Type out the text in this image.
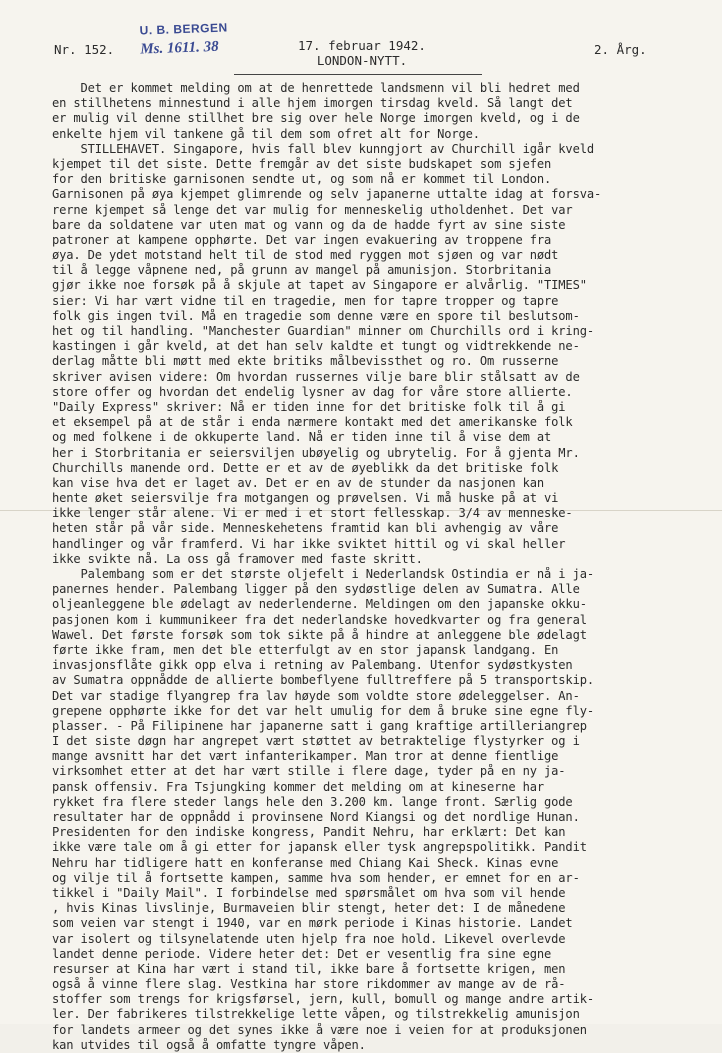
U. B. BERGEN
Ms. 1611. 38
Nr. 152.	17. februar 1942.
LONDON-NYTT.
2. Årg.
Det er kommet melding om at de henrettede landsmenn vil bli hedret med
en stillhetens minnestund i alle hjem imorgen tirsdag kveld. Så langt det
er mulig vil denne stillhet bre sig over hele Norge imorgen kveld, og i de
enkelte hjem vil tankene gå til dem som ofret alt for Norge.
STILLEHAVET. Singapore, hvis fall blev kunngjort av Churchill igår kveld
kjempet til det siste. Dette fremgår av det siste budskapet som sjefen
for den britiske garnisonen sendte ut, og som nå er kommet til London.
Garnisonen på øya kjempet glimrende og selv japanerne uttalte idag at forsva-
rerne kjempet så lenge det var mulig for menneskelig utholdenhet. Det var
bare da soldatene var uten mat og vann og da de hadde fyrt av sine siste
patroner at kampene opphørte. Det var ingen evakuering av troppene fra
øya. De ydet motstand helt til de stod med ryggen mot sjøen og var nødt
til å legge våpnene ned, på grunn av mangel på amunisjon. Storbritania
gjør ikke noe forsøk på å skjule at tapet av Singapore er alvårlig. "TIMES"
sier: Vi har vært vidne til en tragedie, men for tapre tropper og tapre
folk gis ingen tvil. Må en tragedie som denne være en spore til beslutsom-
het og til handling. "Manchester Guardian" minner om Churchills ord i kring-
kastingen i går kveld, at det han selv kaldte et tungt og vidtrekkende ne-
derlag måtte bli møtt med ekte britiks målbevissthet og ro. Om russerne
skriver avisen videre: Om hvordan russernes vilje bare blir stålsatt av de
store offer og hvordan det endelig lysner av dag for våre store allierte.
"Daily Express" skriver: Nå er tiden inne for det britiske folk til å gi
et eksempel på at de står i enda nærmere kontakt med det amerikanske folk
og med folkene i de okkuperte land. Nå er tiden inne til å vise dem at
her i Storbritania er seiersviljen ubøyelig og ubrytelig. For å gjenta Mr.
Churchills manende ord. Dette er et av de øyeblikk da det britiske folk
kan vise hva det er laget av. Det er en av de stunder da nasjonen kan
hente øket seiersvilje fra motgangen og prøvelsen. Vi må huske på at vi
ikke lenger står alene. Vi er med i et stort fellesskap. 3/4 av menneske-
heten står på vår side. Menneskehetens framtid kan bli avhengig av våre
handlinger og vår framferd. Vi har ikke sviktet hittil og vi skal heller
ikke svikte nå. La oss gå framover med faste skritt.
Palembang som er det største oljefelt i Nederlandsk Ostindia er nå i ja-
panernes hender. Palembang ligger på den sydøstlige delen av Sumatra. Alle
oljeanleggene ble ødelagt av nederlenderne. Meldingen om den japanske okku-
pasjonen kom i kummunikeer fra det nederlandske hovedkvarter og fra general
Wawel. Det første forsøk som tok sikte på å hindre at anleggene ble ødelagt
førte ikke fram, men det ble etterfulgt av en stor japansk landgang. En
invasjonsflåte gikk opp elva i retning av Palembang. Utenfor sydøstkysten
av Sumatra oppnådde de allierte bombeflyene fulltreffere på 5 transportskip.
Det var stadige flyangrep fra lav høyde som voldte store ødeleggelser. An-
grepene opphørte ikke for det var helt umulig for dem å bruke sine egne fly-
plasser. - På Filipinene har japanerne satt i gang kraftige artilleriangrep
I det siste døgn har angrepet vært støttet av betraktelige flystyrker og i
mange avsnitt har det vært infanterikamper. Man tror at denne fientlige
virksomhet etter at det har vært stille i flere dage, tyder på en ny ja-
pansk offensiv. Fra Tsjungking kommer det melding om at kineserne har
rykket fra flere steder langs hele den 3.200 km. lange front. Særlig gode
resultater har de oppnådd i provinsene Nord Kiangsi og det nordlige Hunan.
Presidenten for den indiske kongress, Pandit Nehru, har erklært: Det kan
ikke være tale om å gi etter for japansk eller tysk angrepspolitikk. Pandit
Nehru har tidligere hatt en konferanse med Chiang Kai Sheck. Kinas evne
og vilje til å fortsette kampen, samme hva som hender, er emnet for en ar-
tikkel i "Daily Mail". I forbindelse med spørsmålet om hva som vil hende
, hvis Kinas livslinje, Burmaveien blir stengt, heter det: I de månedene
som veien var stengt i 1940, var en mørk periode i Kinas historie. Landet
var isolert og tilsynelatende uten hjelp fra noe hold. Likevel overlevde
landet denne periode. Videre heter det: Det er vesentlig fra sine egne
resurser at Kina har vært i stand til, ikke bare å fortsette krigen, men
også å vinne flere slag. Vestkina har store rikdommer av mange av de rå-
stoffer som trengs for krigsførsel, jern, kull, bomull og mange andre artik-
ler. Der fabrikeres tilstrekkelige lette våpen, og tilstrekkelig amunisjon
for landets armeer og det synes ikke å være noe i veien for at produksjonen
kan utvides til også å omfatte tyngre våpen.
